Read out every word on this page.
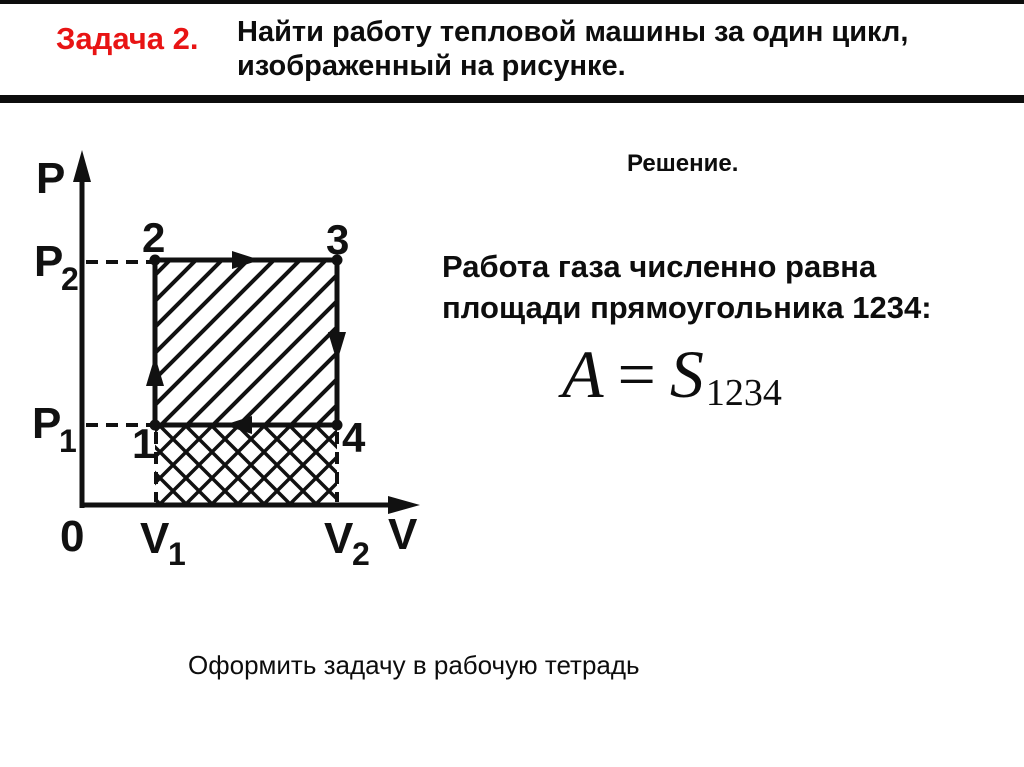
Задача 2. Найти работу тепловой машины за один цикл,
изображенный на рисунке.
P
V
0
P
2
P
1
V
1	V
2
2	3
1	4
Решение.
Работа газа численно равна
площади прямоугольника 1234:
A = S1234
Оформить задачу в рабочую тетрадь
